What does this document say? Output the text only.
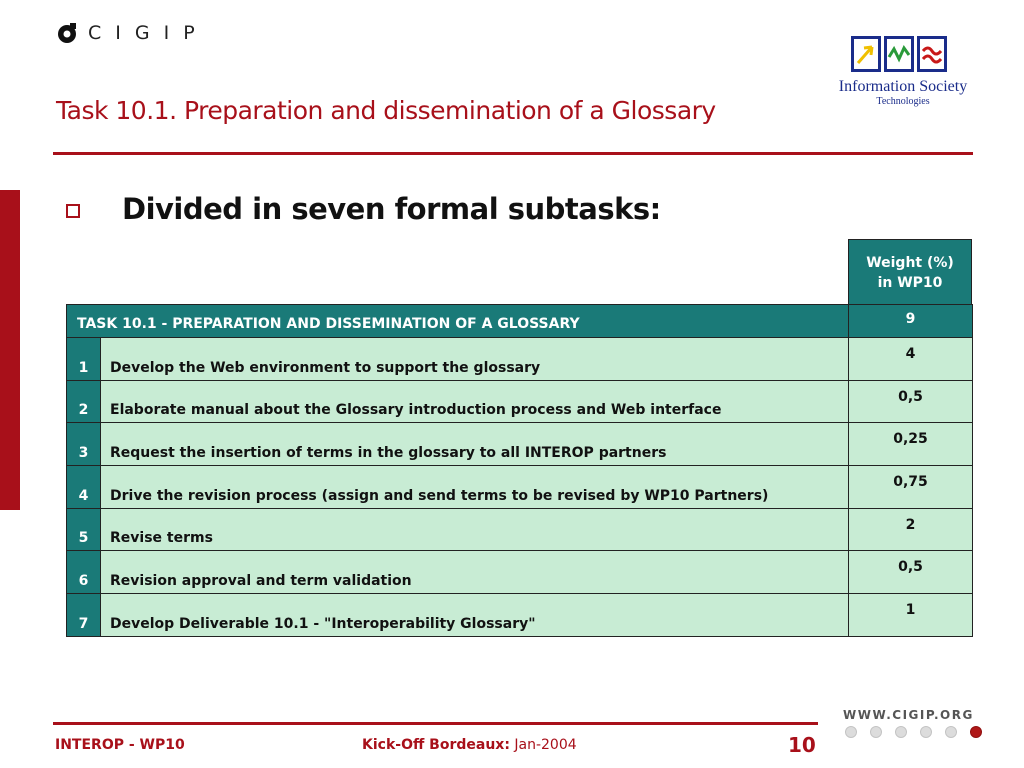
CIGIP
Information Society
Technologies
Task 10.1. Preparation and dissemination of a Glossary
Divided in seven formal subtasks:
Weight (%)
in WP10
TASK 10.1 - PREPARATION AND DISSEMINATION OF A GLOSSARY		9
1	Develop the Web environment to support the glossary	4
2	Elaborate manual about the Glossary introduction process and Web interface	0,5
3	Request the insertion of terms in the glossary to all INTEROP partners	0,25
4	Drive the revision process (assign and send terms to be revised by WP10 Partners)	0,75
5	Revise terms	2
6	Revision approval and term validation	0,5
7	Develop Deliverable 10.1 - "Interoperability Glossary"	1
WWW.CIGIP.ORG
INTEROP - WP10	Kick-Off Bordeaux: Jan-2004	10
